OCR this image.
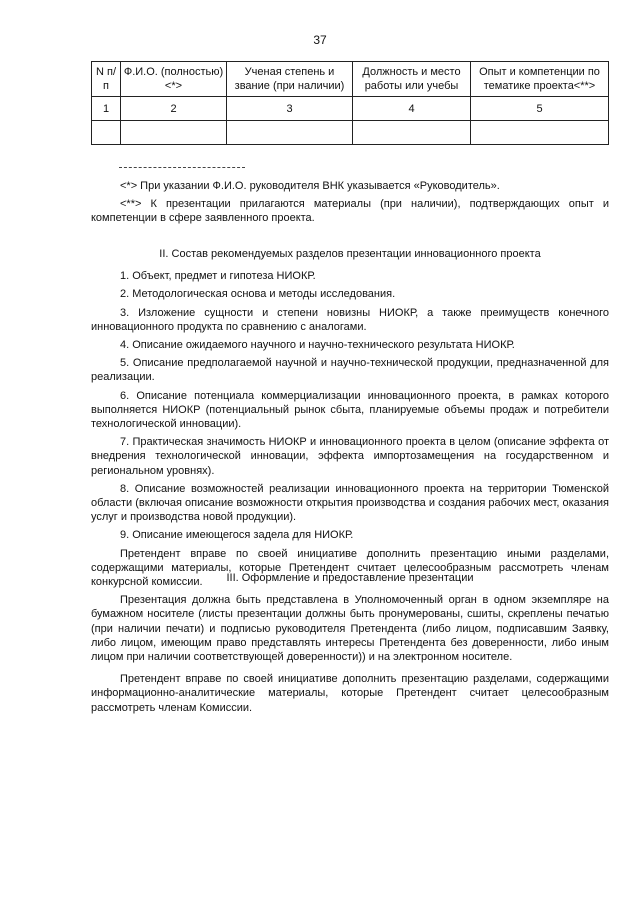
37
N п/п	Ф.И.О. (полностью) <*>	Ученая степень и звание (при наличии)	Должность и место работы или учебы	Опыт и компетенции по тематике проекта<**>
1	2	3	4	5

<*> При указании Ф.И.О. руководителя ВНК указывается «Руководитель».

<**> К презентации прилагаются материалы (при наличии), подтверждающих опыт и компетенции в сфере заявленного проекта.

II. Состав рекомендуемых разделов презентации инновационного проекта

1. Объект, предмет и гипотеза НИОКР.

2. Методологическая основа и методы исследования.

3. Изложение сущности и степени новизны НИОКР, а также преимуществ конечного инновационного продукта по сравнению с аналогами.

4. Описание ожидаемого научного и научно-технического результата НИОКР.

5. Описание предполагаемой научной и научно-технической продукции, предназначенной для реализации.

6. Описание потенциала коммерциализации инновационного проекта, в рамках которого выполняется НИОКР (потенциальный рынок сбыта, планируемые объемы продаж и потребители технологической инновации).

7. Практическая значимость НИОКР и инновационного проекта в целом (описание эффекта от внедрения технологической инновации, эффекта импортозамещения на государственном и региональном уровнях).

8. Описание возможностей реализации инновационного проекта на территории Тюменской области (включая описание возможности открытия производства и создания рабочих мест, оказания услуг и производства новой продукции).

9. Описание имеющегося задела для НИОКР.

Претендент вправе по своей инициативе дополнить презентацию иными разделами, содержащими материалы, которые Претендент считает целесообразным рассмотреть членам конкурсной комиссии.	III. Оформление и предоставление презентации

Презентация должна быть представлена в Уполномоченный орган в одном экземпляре на бумажном носителе (листы презентации должны быть пронумерованы, сшиты, скреплены печатью (при наличии печати) и подписью руководителя Претендента (либо лицом, подписавшим Заявку, либо лицом, имеющим право представлять интересы Претендента без доверенности, либо иным лицом при наличии соответствующей доверенности)) и на электронном носителе.

Претендент вправе по своей инициативе дополнить презентацию разделами, содержащими информационно-аналитические материалы, которые Претендент считает целесообразным рассмотреть членам Комиссии.
